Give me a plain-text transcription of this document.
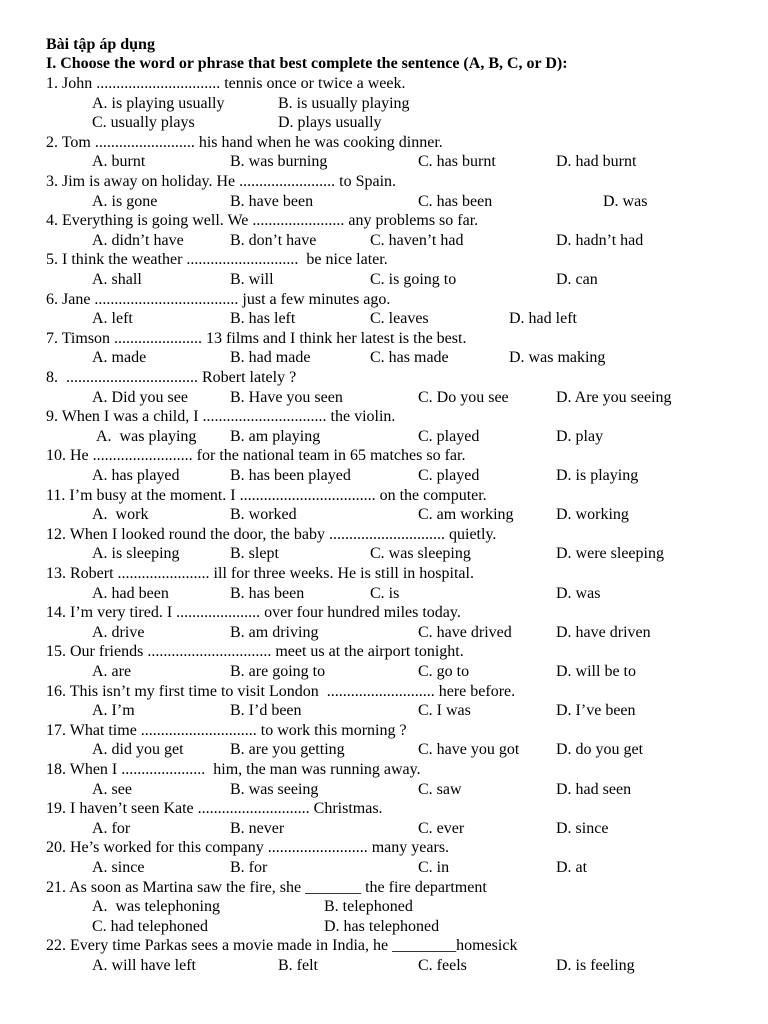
Bài tập áp dụng
I. Choose the word or phrase that best complete the sentence (A, B, C, or D):
1. John ............................... tennis once or twice a week.
A. is playing usually	B. is usually playing
C. usually plays	D. plays usually
2. Tom ......................... his hand when he was cooking dinner.
A. burnt	B. was burning	C. has burnt	D. had burnt
3. Jim is away on holiday. He ........................ to Spain.
A. is gone	B. have been	C. has been	D. was
4. Everything is going well. We ....................... any problems so far.
A. didn’t have	B. don’t have	C. haven’t had	D. hadn’t had
5. I think the weather ............................  be nice later.
A. shall	B. will	C. is going to	D. can
6. Jane .................................... just a few minutes ago.
A. left	B. has left	C. leaves	D. had left
7. Timson ...................... 13 films and I think her latest is the best.
A. made	B. had made	C. has made	D. was making
8.  ................................. Robert lately ?
A. Did you see	B. Have you seen	C. Do you see	D. Are you seeing
9. When I was a child, I ............................... the violin.
A.  was playing B. am playing	C. played	D. play
10. He ......................... for the national team in 65 matches so far.
A. has played	B. has been played	C. played	D. is playing
11. I’m busy at the moment. I .................................. on the computer.
A.  work	B. worked	C. am working	D. working
12. When I looked round the door, the baby ............................. quietly.
A. is sleeping	B. slept	C. was sleeping	D. were sleeping
13. Robert ....................... ill for three weeks. He is still in hospital.
A. had been	B. has been	C. is	D. was
14. I’m very tired. I ..................... over four hundred miles today.
A. drive	B. am driving	C. have drived	D. have driven
15. Our friends ............................... meet us at the airport tonight.
A. are	B. are going to	C. go to	D. will be to
16. This isn’t my first time to visit London  ........................... here before.
A. I’m	B. I’d been	C. I was	D. I’ve been
17. What time ............................. to work this morning ?
A. did you get	B. are you getting	C. have you got D. do you get
18. When I .....................  him, the man was running away.
A. see	B. was seeing	C. saw	D. had seen
19. I haven’t seen Kate ............................ Christmas.
A. for	B. never	C. ever	D. since
20. He’s worked for this company ......................... many years.
A. since	B. for	C. in	D. at
21. As soon as Martina saw the fire, she _______ the fire department
A.  was telephoning	B. telephoned
C. had telephoned	D. has telephoned
22. Every time Parkas sees a movie made in India, he ________homesick
A. will have left	B. felt	C. feels	D. is feeling
